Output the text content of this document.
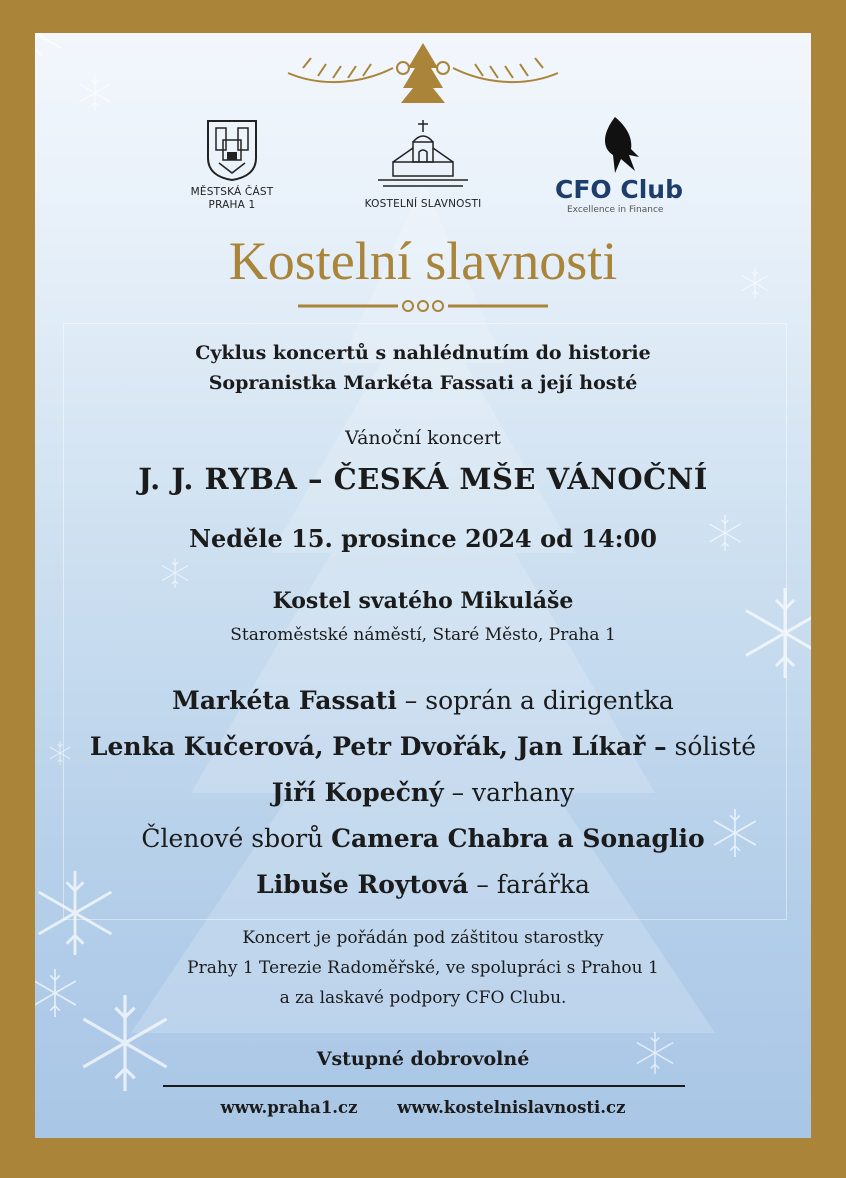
MĚSTSKÁ ČÁST
PRAHA 1	KOSTELNÍ SLAVNOSTI	CFO Club
Excellence in Finance
Kostelní slavnosti
Cyklus koncertů s nahlédnutím do historie
Sopranistka Markéta Fassati a její hosté
Vánoční koncert
J. J. RYBA – ČESKÁ MŠE VÁNOČNÍ
Neděle 15. prosince 2024 od 14:00
Kostel svatého Mikuláše
Staroměstské náměstí, Staré Město, Praha 1
Markéta Fassati – soprán a dirigentka
Lenka Kučerová, Petr Dvořák, Jan Líkař – sólisté
Jiří Kopečný – varhany
Členové sborů Camera Chabra a Sonaglio
Libuše Roytová – farářka
Koncert je pořádán pod záštitou starostky
Prahy 1 Terezie Radoměřské, ve spolupráci s Prahou 1
a za laskavé podpory CFO Clubu.
Vstupné dobrovolné
www.praha1.cz www.kostelnislavnosti.cz
